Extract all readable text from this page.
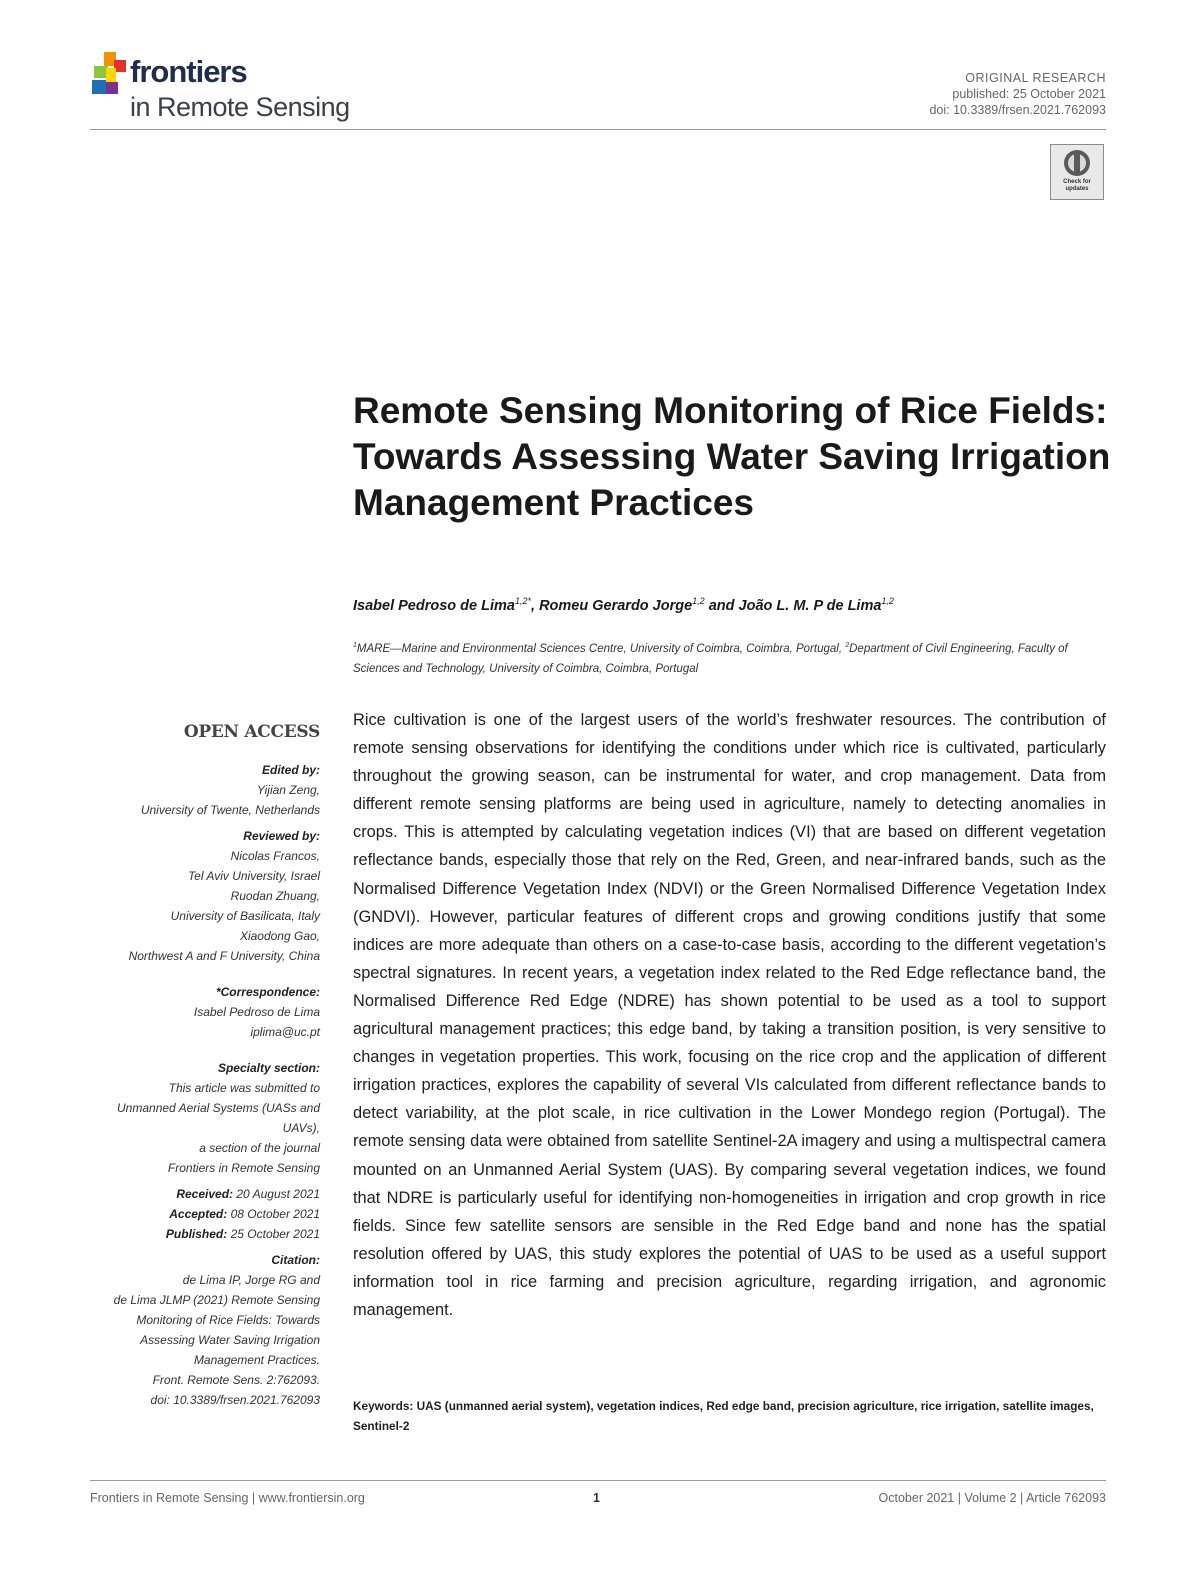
frontiers
in Remote Sensing
ORIGINAL RESEARCH
published: 25 October 2021
doi: 10.3389/frsen.2021.762093
Check for updates
Remote Sensing Monitoring of Rice Fields: Towards Assessing Water Saving Irrigation Management Practices
Isabel Pedroso de Lima$^{1,2*}$, Romeu Gerardo Jorge$^{1,2}$ and João L. M. P de Lima$^{1,2}$
$^1$MARE—Marine and Environmental Sciences Centre, University of Coimbra, Coimbra, Portugal, $^2$Department of Civil Engineering, Faculty of Sciences and Technology, University of Coimbra, Coimbra, Portugal
OPEN ACCESS
Edited by:
Yijian Zeng,
University of Twente, Netherlands
Reviewed by:
Nicolas Francos,
Tel Aviv University, Israel
Ruodan Zhuang,
University of Basilicata, Italy
Xiaodong Gao,
Northwest A and F University, China
*Correspondence:
Isabel Pedroso de Lima
iplima@uc.pt
Specialty section:
This article was submitted to
Unmanned Aerial Systems (UASs and
UAVs),
a section of the journal
Frontiers in Remote Sensing
Received: 20 August 2021
Accepted: 08 October 2021
Published: 25 October 2021
Citation:
de Lima IP, Jorge RG and
de Lima JLMP (2021) Remote Sensing
Monitoring of Rice Fields: Towards
Assessing Water Saving Irrigation
Management Practices.
Front. Remote Sens. 2:762093.
doi: 10.3389/frsen.2021.762093

Rice cultivation is one of the largest users of the world’s freshwater resources. The contribution of remote sensing observations for identifying the conditions under which rice is cultivated, particularly throughout the growing season, can be instrumental for water, and crop management. Data from different remote sensing platforms are being used in agriculture, namely to detecting anomalies in crops. This is attempted by calculating vegetation indices (VI) that are based on different vegetation reflectance bands, especially those that rely on the Red, Green, and near-infrared bands, such as the Normalised Difference Vegetation Index (NDVI) or the Green Normalised Difference Vegetation Index (GNDVI). However, particular features of different crops and growing conditions justify that some indices are more adequate than others on a case-to-case basis, according to the different vegetation’s spectral signatures. In recent years, a vegetation index related to the Red Edge reflectance band, the Normalised Difference Red Edge (NDRE) has shown potential to be used as a tool to support agricultural management practices; this edge band, by taking a transition position, is very sensitive to changes in vegetation properties. This work, focusing on the rice crop and the application of different irrigation practices, explores the capability of several VIs calculated from different reflectance bands to detect variability, at the plot scale, in rice cultivation in the Lower Mondego region (Portugal). The remote sensing data were obtained from satellite Sentinel-2A imagery and using a multispectral camera mounted on an Unmanned Aerial System (UAS). By comparing several vegetation indices, we found that NDRE is particularly useful for identifying non-homogeneities in irrigation and crop growth in rice fields. Since few satellite sensors are sensible in the Red Edge band and none has the spatial resolution offered by UAS, this study explores the potential of UAS to be used as a useful support information tool in rice farming and precision agriculture, regarding irrigation, and agronomic management.

Keywords: UAS (unmanned aerial system), vegetation indices, Red edge band, precision agriculture, rice irrigation, satellite images, Sentinel-2
Frontiers in Remote Sensing | www.frontiersin.org	1	October 2021 | Volume 2 | Article 762093
